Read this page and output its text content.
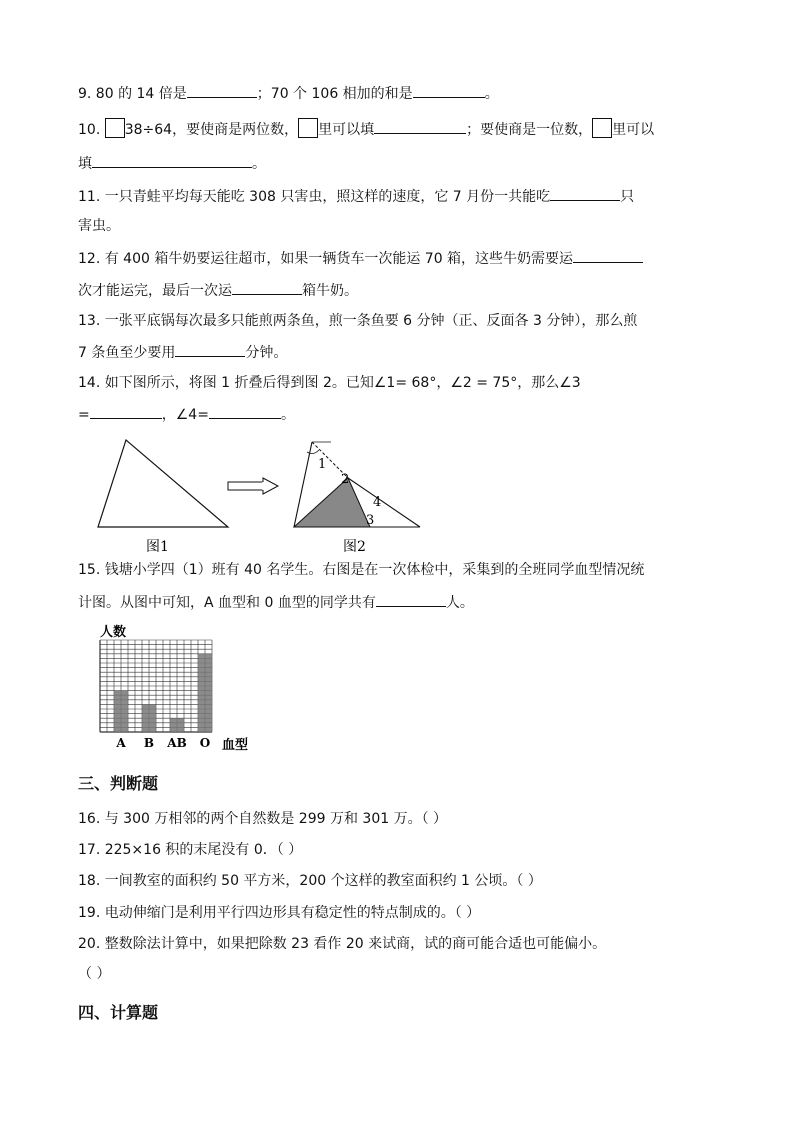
9. 80 的 14 倍是	；70 个 106 相加的和是	。
10. 38÷64，要使商是两位数， 里可以填	；要使商是一位数， 里可以
填	。
11. 一只青蛙平均每天能吃 308 只害虫，照这样的速度，它 7 月份一共能吃	只
害虫。
12. 有 400 箱牛奶要运往超市，如果一辆货车一次能运 70 箱，这些牛奶需要运
次才能运完，最后一次运	箱牛奶。
13. 一张平底锅每次最多只能煎两条鱼，煎一条鱼要 6 分钟（正、反面各 3 分钟），那么煎
7 条鱼至少要用	分钟。
14. 如下图所示，将图 1 折叠后得到图 2。已知∠1= 68°，∠2 = 75°，那么∠3
=	，∠4=	。
1
2
4
3
图1	图2
15. 钱塘小学四（1）班有 40 名学生。右图是在一次体检中，采集到的全班同学血型情况统
计图。从图中可知，A 血型和 0 血型的同学共有	人。
A B AB O
人数
血型
三、判断题
16. 与 300 万相邻的两个自然数是 299 万和 301 万。（ ）
17. 225×16 积的末尾没有 0．（ ）
18. 一间教室的面积约 50 平方米，200 个这样的教室面积约 1 公顷。（ ）
19. 电动伸缩门是利用平行四边形具有稳定性的特点制成的。（ ）
20. 整数除法计算中，如果把除数 23 看作 20 来试商，试的商可能合适也可能偏小。
（ ）
四、计算题
